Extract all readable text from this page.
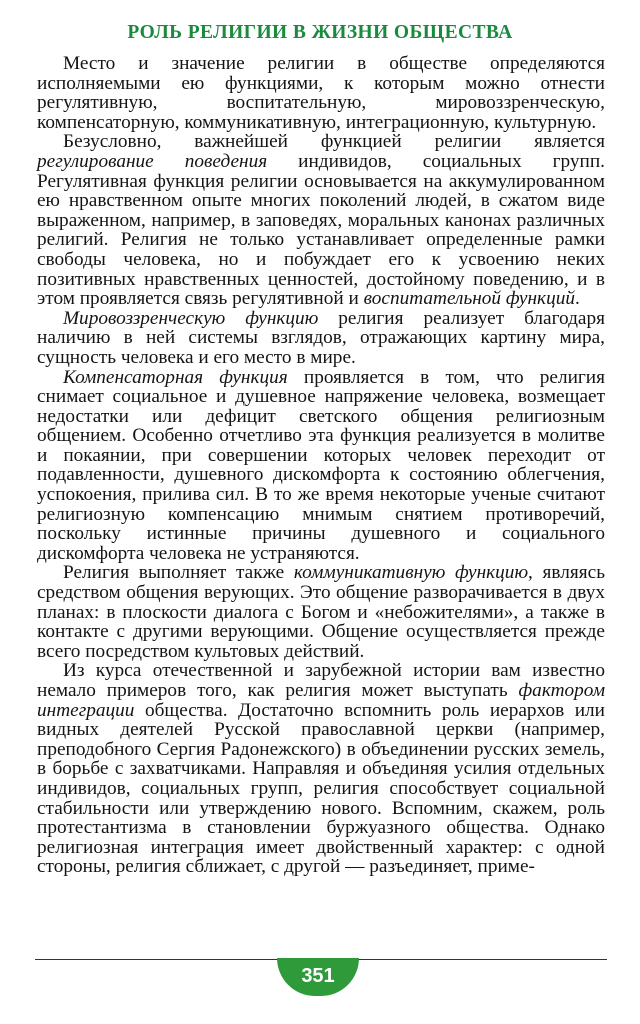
РОЛЬ РЕЛИГИИ В ЖИЗНИ ОБЩЕСТВА

Место и значение религии в обществе определяются исполняемыми ею функциями, к которым можно отнести регулятивную, воспитательную, мировоззренческую, компенсаторную, коммуникативную, интеграционную, культурную.

Безусловно, важнейшей функцией религии является регулирование поведения индивидов, социальных групп. Регулятивная функция религии основывается на аккумулированном ею нравственном опыте многих поколений людей, в сжатом виде выраженном, например, в заповедях, моральных канонах различных религий. Религия не только устанавливает определенные рамки свободы человека, но и побуждает его к усвоению неких позитивных нравственных ценностей, достойному поведению, и в этом проявляется связь регулятивной и воспитательной функций.

Мировоззренческую функцию религия реализует благодаря наличию в ней системы взглядов, отражающих картину мира, сущность человека и его место в мире.

Компенсаторная функция проявляется в том, что религия снимает социальное и душевное напряжение человека, возмещает недостатки или дефицит светского общения религиозным общением. Особенно отчетливо эта функция реализуется в молитве и покаянии, при совершении которых человек переходит от подавленности, душевного дискомфорта к состоянию облегчения, успокоения, прилива сил. В то же время некоторые ученые считают религиозную компенсацию мнимым снятием противоречий, поскольку истинные причины душевного и социального дискомфорта человека не устраняются.

Религия выполняет также коммуникативную функцию, являясь средством общения верующих. Это общение разворачивается в двух планах: в плоскости диалога с Богом и «небожителями», а также в контакте с другими верующими. Общение осуществляется прежде всего посредством культовых действий.

Из курса отечественной и зарубежной истории вам известно немало примеров того, как религия может выступать фактором интеграции общества. Достаточно вспомнить роль иерархов или видных деятелей Русской православной церкви (например, преподобного Сергия Радонежского) в объединении русских земель, в борьбе с захватчиками. Направляя и объединяя усилия отдельных индивидов, социальных групп, религия способствует социальной стабильности или утверждению нового. Вспомним, скажем, роль протестантизма в становлении буржуазного общества. Однако религиозная интеграция имеет двойственный характер: с одной стороны, религия сближает, с другой — разъединяет, приме-

351
